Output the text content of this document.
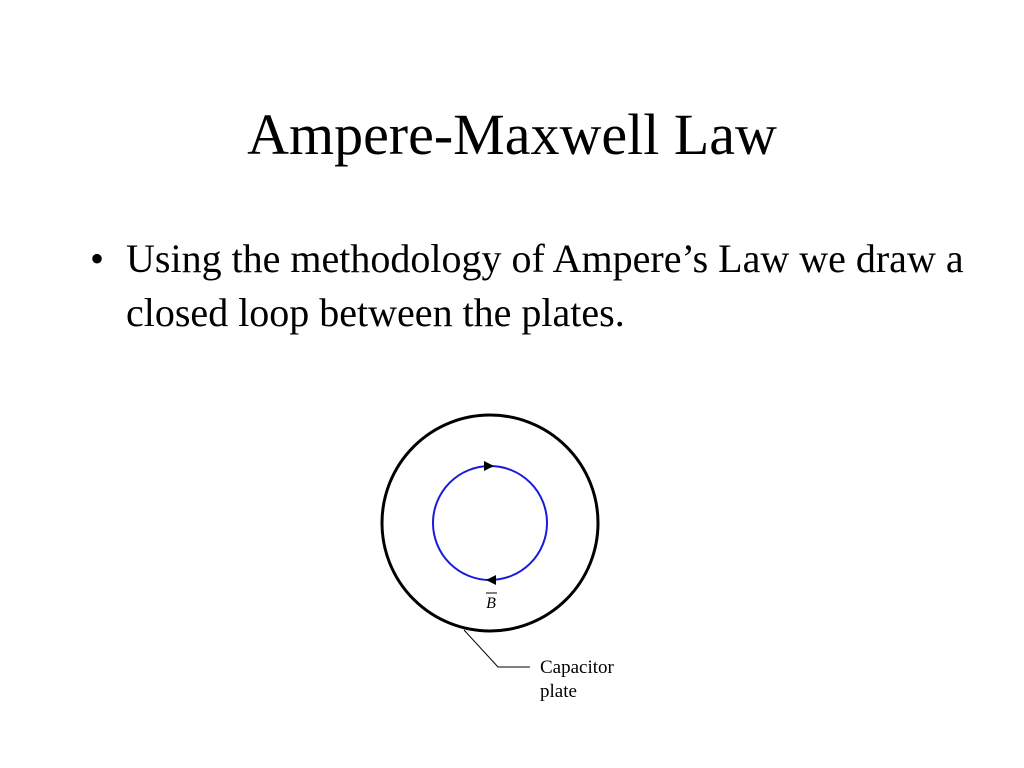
Ampere-Maxwell Law
• Using the methodology of Ampere’s Law we draw a closed loop between the plates.
B
Capacitor
plate
